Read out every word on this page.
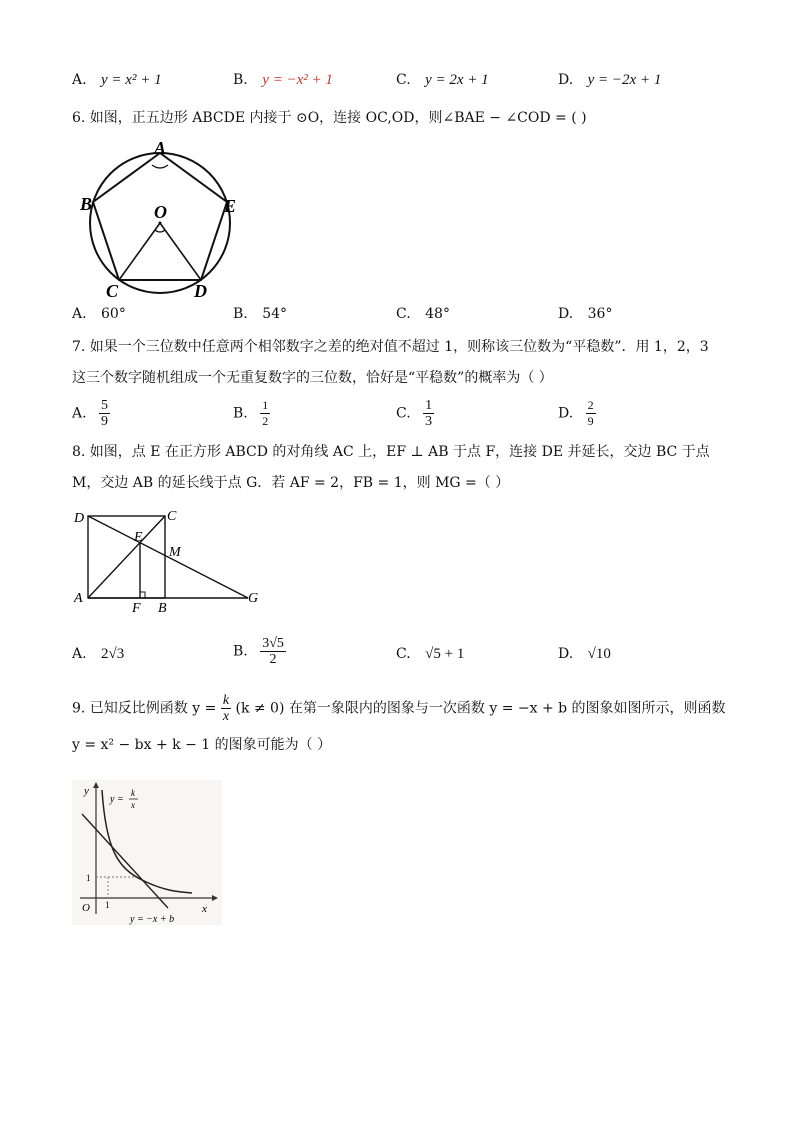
A. y = x² + 1	B. y = −x² + 1	C. y = 2x + 1	D. y = −2x + 1
6. 如图，正五边形 ABCDE 内接于 ⊙O，连接 OC,OD，则∠BAE − ∠COD = ( )
A
B	E
O
C	D
A. 60°	B. 54°	C. 48°	D. 36°
7. 如果一个三位数中任意两个相邻数字之差的绝对值不超过 1，则称该三位数为“平稳数”．用 1，2，3
这三个数字随机组成一个无重复数字的三位数，恰好是“平稳数”的概率为（ ）
A. $\frac{5}{9}$	B. $\frac{1}{2}$	C. $\frac{1}{3}$	D. $\frac{2}{9}$
8. 如图，点 E 在正方形 ABCD 的对角线 AC 上，EF ⊥ AB 于点 F，连接 DE 并延长，交边 BC 于点
M，交边 AB 的延长线于点 G．若 AF = 2，FB = 1，则 MG =（ ）
D	C
E
M
A
F B
G
A. 2√3	B. $\frac{3√5}{2}$	C. √5 + 1	D. √10
9. 已知反比例函数 $y = \frac{k}{x} (k \ne 0)$ 在第一象限内的图象与一次函数 y = −x + b 的图象如图所示，则函数
y = x² − bx + k − 1 的图象可能为（ ）
y
x
O
1
1
y =
k
x
y = −x + b
